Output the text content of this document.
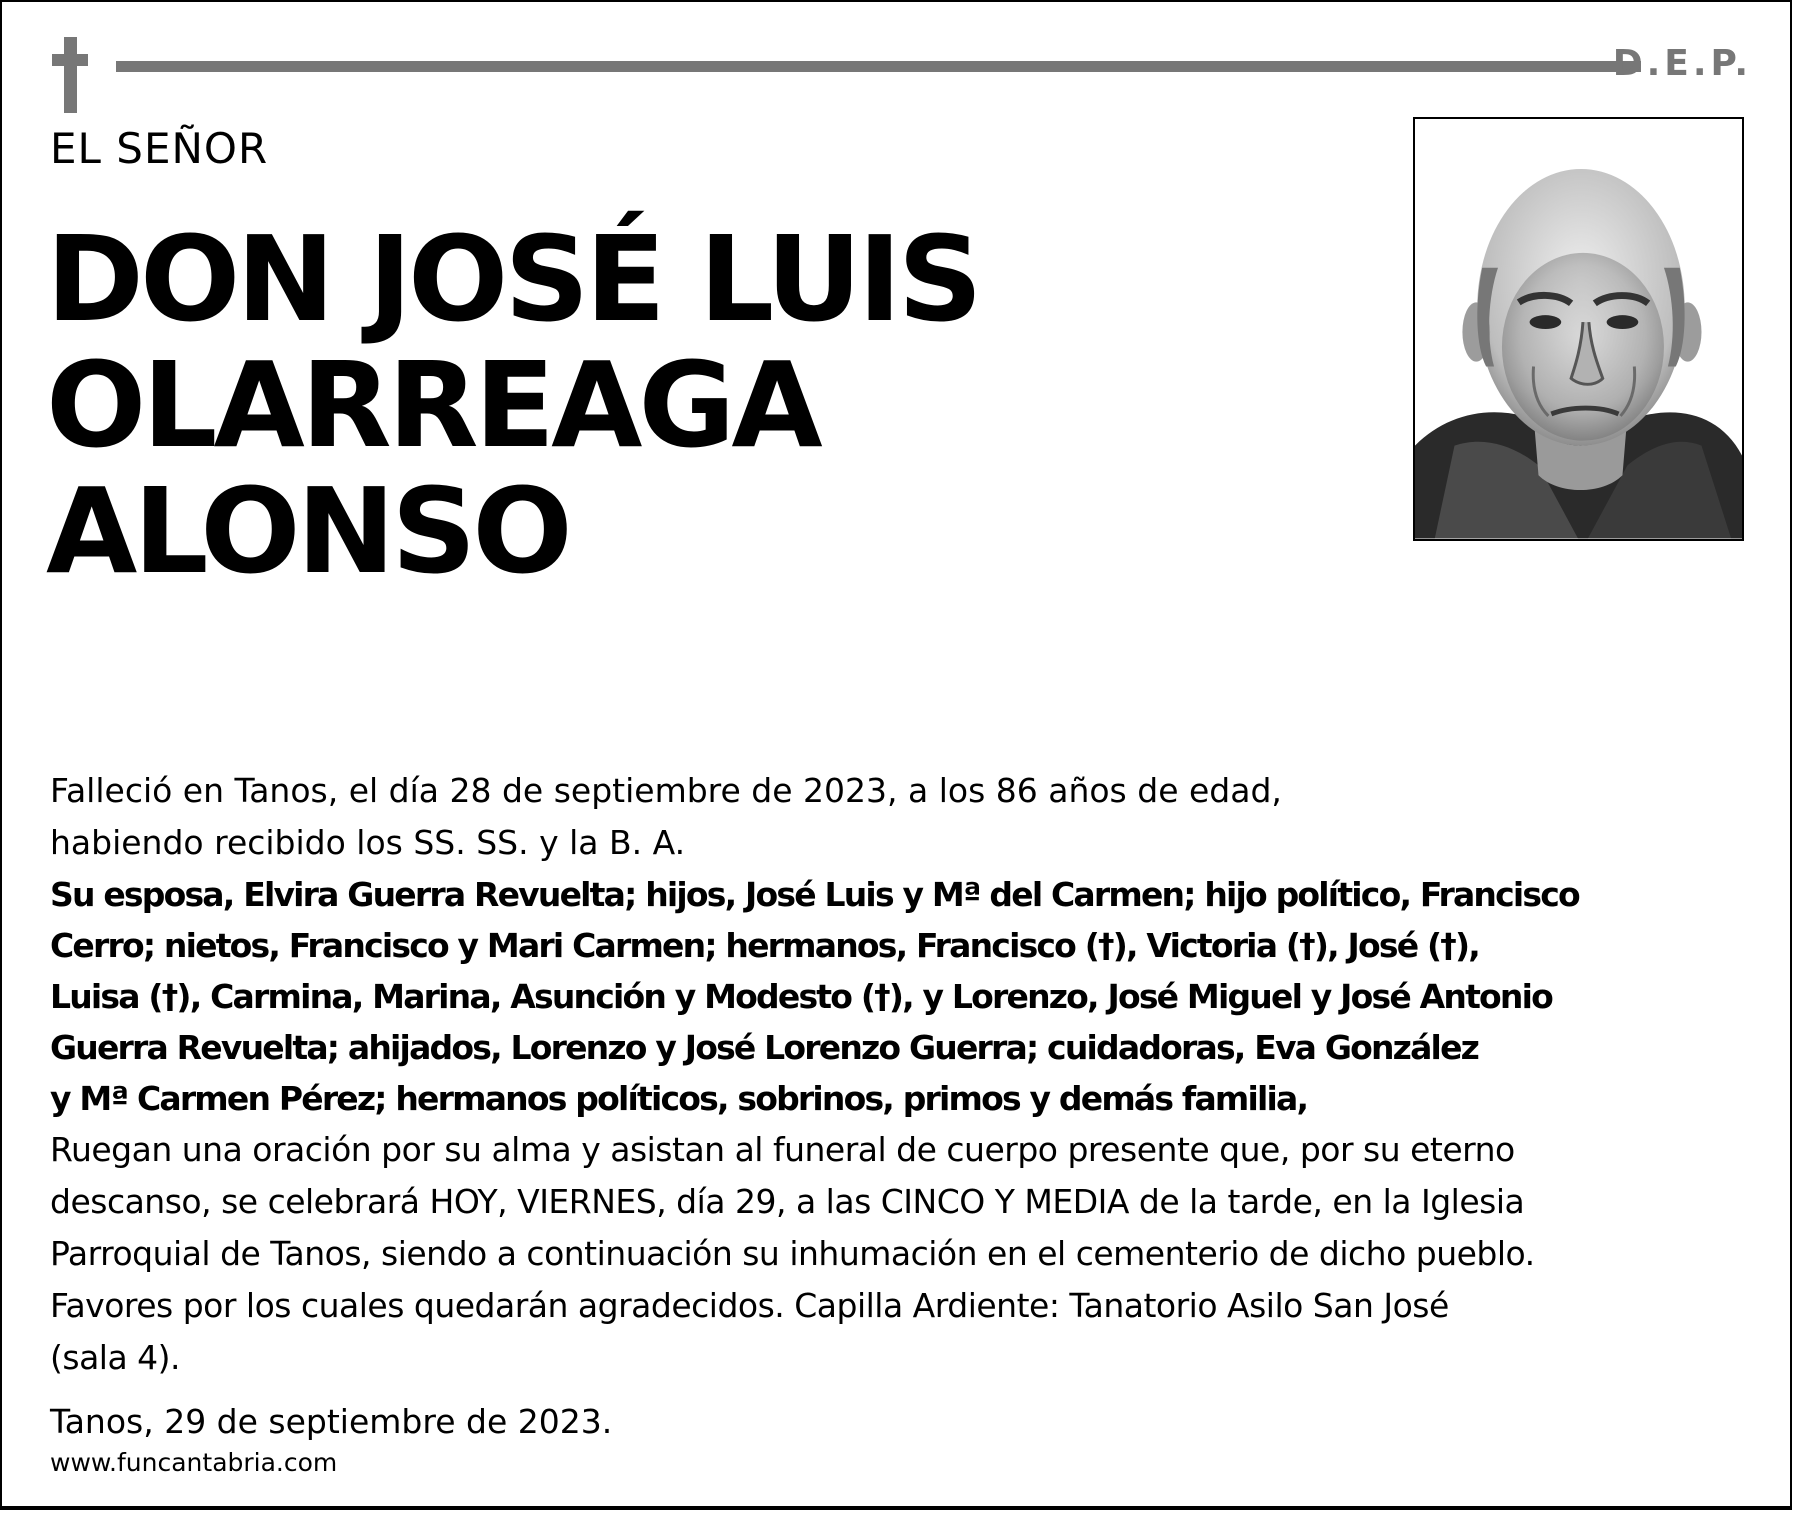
D.E.P.
EL SEÑOR
DON JOSÉ LUIS
OLARREAGA
ALONSO
Falleció en Tanos, el día 28 de septiembre de 2023, a los 86 años de edad,
habiendo recibido los SS. SS. y la B. A.
Su esposa, Elvira Guerra Revuelta; hijos, José Luis y Mª del Carmen; hijo político, Francisco
Cerro; nietos, Francisco y Mari Carmen; hermanos, Francisco (†), Victoria (†), José (†),
Luisa (†), Carmina, Marina, Asunción y Modesto (†), y Lorenzo, José Miguel y José Antonio
Guerra Revuelta; ahijados, Lorenzo y José Lorenzo Guerra; cuidadoras, Eva González
y Mª Carmen Pérez; hermanos políticos, sobrinos, primos y demás familia,
Ruegan una oración por su alma y asistan al funeral de cuerpo presente que, por su eterno
descanso, se celebrará HOY, VIERNES, día 29, a las CINCO Y MEDIA de la tarde, en la Iglesia
Parroquial de Tanos, siendo a continuación su inhumación en el cementerio de dicho pueblo.
Favores por los cuales quedarán agradecidos. Capilla Ardiente: Tanatorio Asilo San José
(sala 4).
Tanos, 29 de septiembre de 2023.
www.funcantabria.com
